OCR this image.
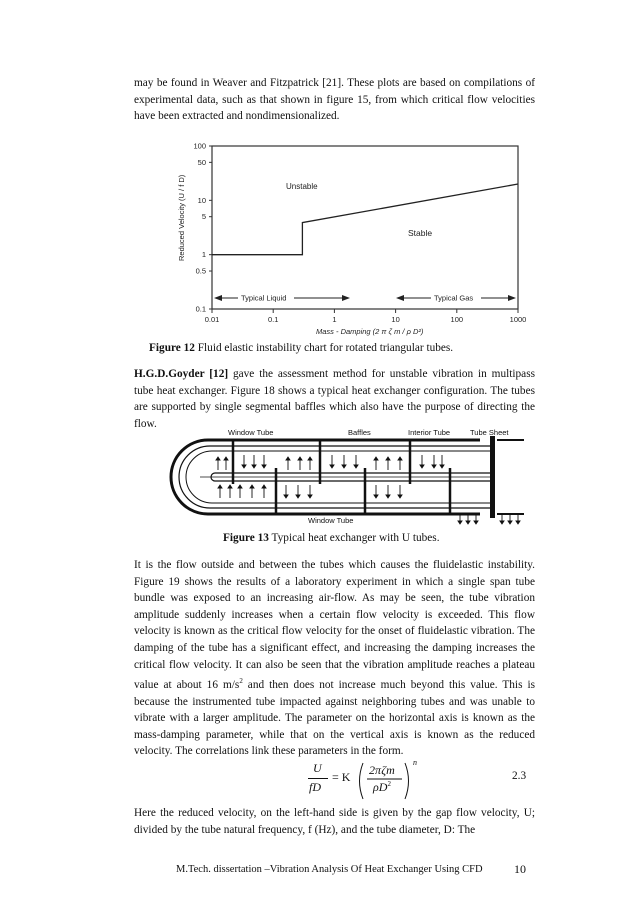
may be found in Weaver and Fitzpatrick [21]. These plots are based on compilations of experimental data, such as that shown in figure 15, from which critical flow velocities have been extracted and nondimensionalized.

0.01	0.1	1	10	100	1000
0.1
0.5
1
5
10
50
100
Unstable
Stable
Typical Liquid	Typical Gas
Mass - Damping (2 π ζ m / ρ D²)
Reduced Velocity (U / f D)

Figure 12 Fluid elastic instability chart for rotated triangular tubes.

H.G.D.Goyder [12] gave the assessment method for unstable vibration in multipass tube heat exchanger. Figure 18 shows a typical heat exchanger configuration. The tubes are supported by single segmental baffles which also have the purpose of directing the flow.

Window Tube	Baffles	Interior Tube	Tube Sheet
Window Tube

Figure 13 Typical heat exchanger with U tubes.

It is the flow outside and between the tubes which causes the fluidelastic instability. Figure 19 shows the results of a laboratory experiment in which a single span tube bundle was exposed to an increasing air-flow. As may be seen, the tube vibration amplitude suddenly increases when a certain flow velocity is exceeded. This flow velocity is known as the critical flow velocity for the onset of fluidelastic vibration. The damping of the tube has a significant effect, and increasing the damping increases the critical flow velocity. It can also be seen that the vibration amplitude reaches a plateau value at about 16 $m/s^2$ and then does not increase much beyond this value. This is because the instrumented tube impacted against neighboring tubes and was unable to vibrate with a larger amplitude. The parameter on the horizontal axis is known as the mass-damping parameter, while that on the vertical axis is known as the reduced velocity. The correlations link these parameters in the form.

U
fD
= K 2πζm
$\rho D^2$
n
2.3

Here the reduced velocity, on the left-hand side is given by the gap flow velocity, U; divided by the tube natural frequency, f (Hz), and the tube diameter, D: The

M.Tech. dissertation –Vibration Analysis Of Heat Exchanger Using CFD	10
